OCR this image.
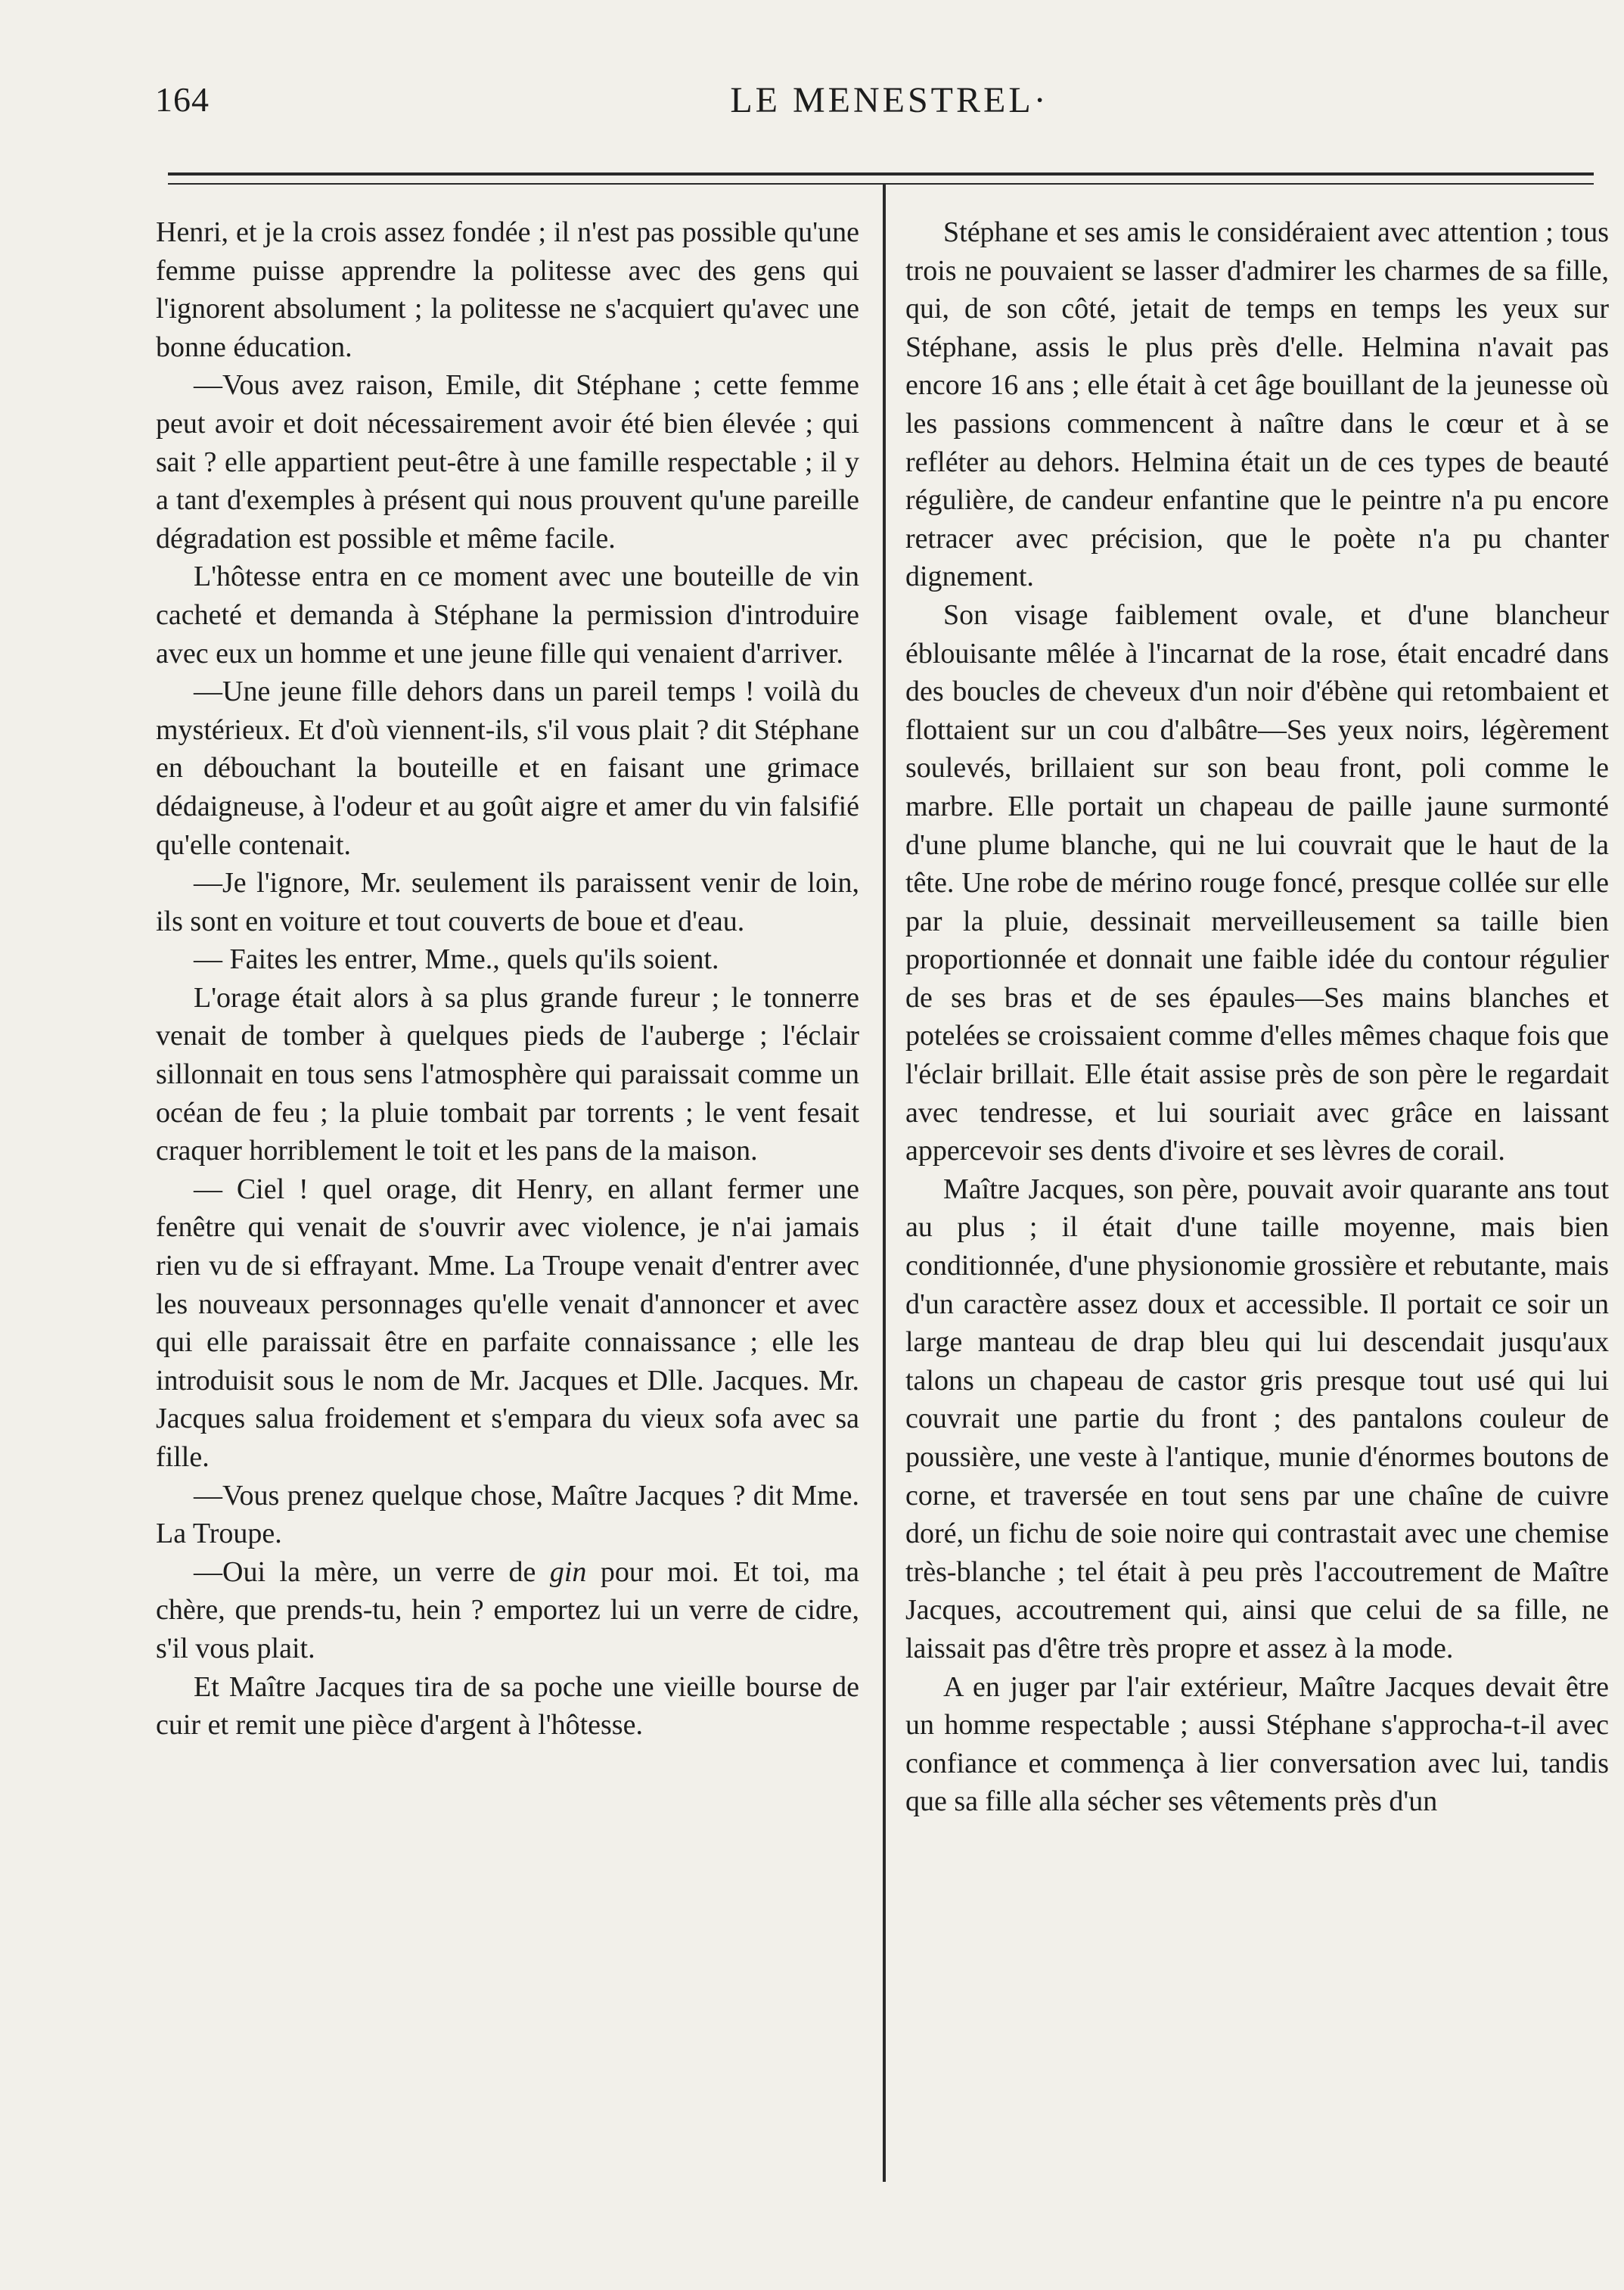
164	LE MENESTREL·

Henri, et je la crois assez fondée ; il n'est pas possible qu'une femme puisse apprendre la politesse avec des gens qui l'ignorent absolument ; la politesse ne s'acquiert qu'avec une bonne éducation.

—Vous avez raison, Emile, dit Stéphane ; cette femme peut avoir et doit nécessairement avoir été bien élevée ; qui sait ? elle appartient peut-être à une famille respectable ; il y a tant d'exemples à présent qui nous prouvent qu'une pareille dégradation est possible et même facile.

L'hôtesse entra en ce moment avec une bouteille de vin cacheté et demanda à Stéphane la permission d'introduire avec eux un homme et une jeune fille qui venaient d'arriver.

—Une jeune fille dehors dans un pareil temps ! voilà du mystérieux. Et d'où viennent-ils, s'il vous plait ? dit Stéphane en débouchant la bouteille et en faisant une grimace dédaigneuse, à l'odeur et au goût aigre et amer du vin falsifié qu'elle contenait.

—Je l'ignore, Mr. seulement ils paraissent venir de loin, ils sont en voiture et tout couverts de boue et d'eau.

— Faites les entrer, Mme., quels qu'ils soient.

L'orage était alors à sa plus grande fureur ; le tonnerre venait de tomber à quelques pieds de l'auberge ; l'éclair sillonnait en tous sens l'atmosphère qui paraissait comme un océan de feu ; la pluie tombait par torrents ; le vent fesait craquer horriblement le toit et les pans de la maison.

— Ciel ! quel orage, dit Henry, en allant fermer une fenêtre qui venait de s'ouvrir avec violence, je n'ai jamais rien vu de si effrayant. Mme. La Troupe venait d'entrer avec les nouveaux personnages qu'elle venait d'annoncer et avec qui elle paraissait être en parfaite connaissance ; elle les introduisit sous le nom de Mr. Jacques et Dlle. Jacques. Mr. Jacques salua froidement et s'empara du vieux sofa avec sa fille.

—Vous prenez quelque chose, Maître Jacques ? dit Mme. La Troupe.

—Oui la mère, un verre de gin pour moi. Et toi, ma chère, que prends-tu, hein ? emportez lui un verre de cidre, s'il vous plait.

Et Maître Jacques tira de sa poche une vieille bourse de cuir et remit une pièce d'argent à l'hôtesse.

Stéphane et ses amis le considéraient avec attention ; tous trois ne pouvaient se lasser d'admirer les charmes de sa fille, qui, de son côté, jetait de temps en temps les yeux sur Stéphane, assis le plus près d'elle. Helmina n'avait pas encore 16 ans ; elle était à cet âge bouillant de la jeunesse où les passions commencent à naître dans le cœur et à se refléter au dehors. Helmina était un de ces types de beauté régulière, de candeur enfantine que le peintre n'a pu encore retracer avec précision, que le poète n'a pu chanter dignement.

Son visage faiblement ovale, et d'une blancheur éblouisante mêlée à l'incarnat de la rose, était encadré dans des boucles de cheveux d'un noir d'ébène qui retombaient et flottaient sur un cou d'albâtre—Ses yeux noirs, légèrement soulevés, brillaient sur son beau front, poli comme le marbre. Elle portait un chapeau de paille jaune surmonté d'une plume blanche, qui ne lui couvrait que le haut de la tête. Une robe de mérino rouge foncé, presque collée sur elle par la pluie, dessinait merveilleusement sa taille bien proportionnée et donnait une faible idée du contour régulier de ses bras et de ses épaules—Ses mains blanches et potelées se croissaient comme d'elles mêmes chaque fois que l'éclair brillait. Elle était assise près de son père le regardait avec tendresse, et lui souriait avec grâce en laissant appercevoir ses dents d'ivoire et ses lèvres de corail.

Maître Jacques, son père, pouvait avoir quarante ans tout au plus ; il était d'une taille moyenne, mais bien conditionnée, d'une physionomie grossière et rebutante, mais d'un caractère assez doux et accessible. Il portait ce soir un large manteau de drap bleu qui lui descendait jusqu'aux talons un chapeau de castor gris presque tout usé qui lui couvrait une partie du front ; des pantalons couleur de poussière, une veste à l'antique, munie d'énormes boutons de corne, et traversée en tout sens par une chaîne de cuivre doré, un fichu de soie noire qui contrastait avec une chemise très-blanche ; tel était à peu près l'accoutrement de Maître Jacques, accoutrement qui, ainsi que celui de sa fille, ne laissait pas d'être très propre et assez à la mode.

A en juger par l'air extérieur, Maître Jacques devait être un homme respectable ; aussi Stéphane s'approcha-t-il avec confiance et commença à lier conversation avec lui, tandis que sa fille alla sécher ses vêtements près d'un
